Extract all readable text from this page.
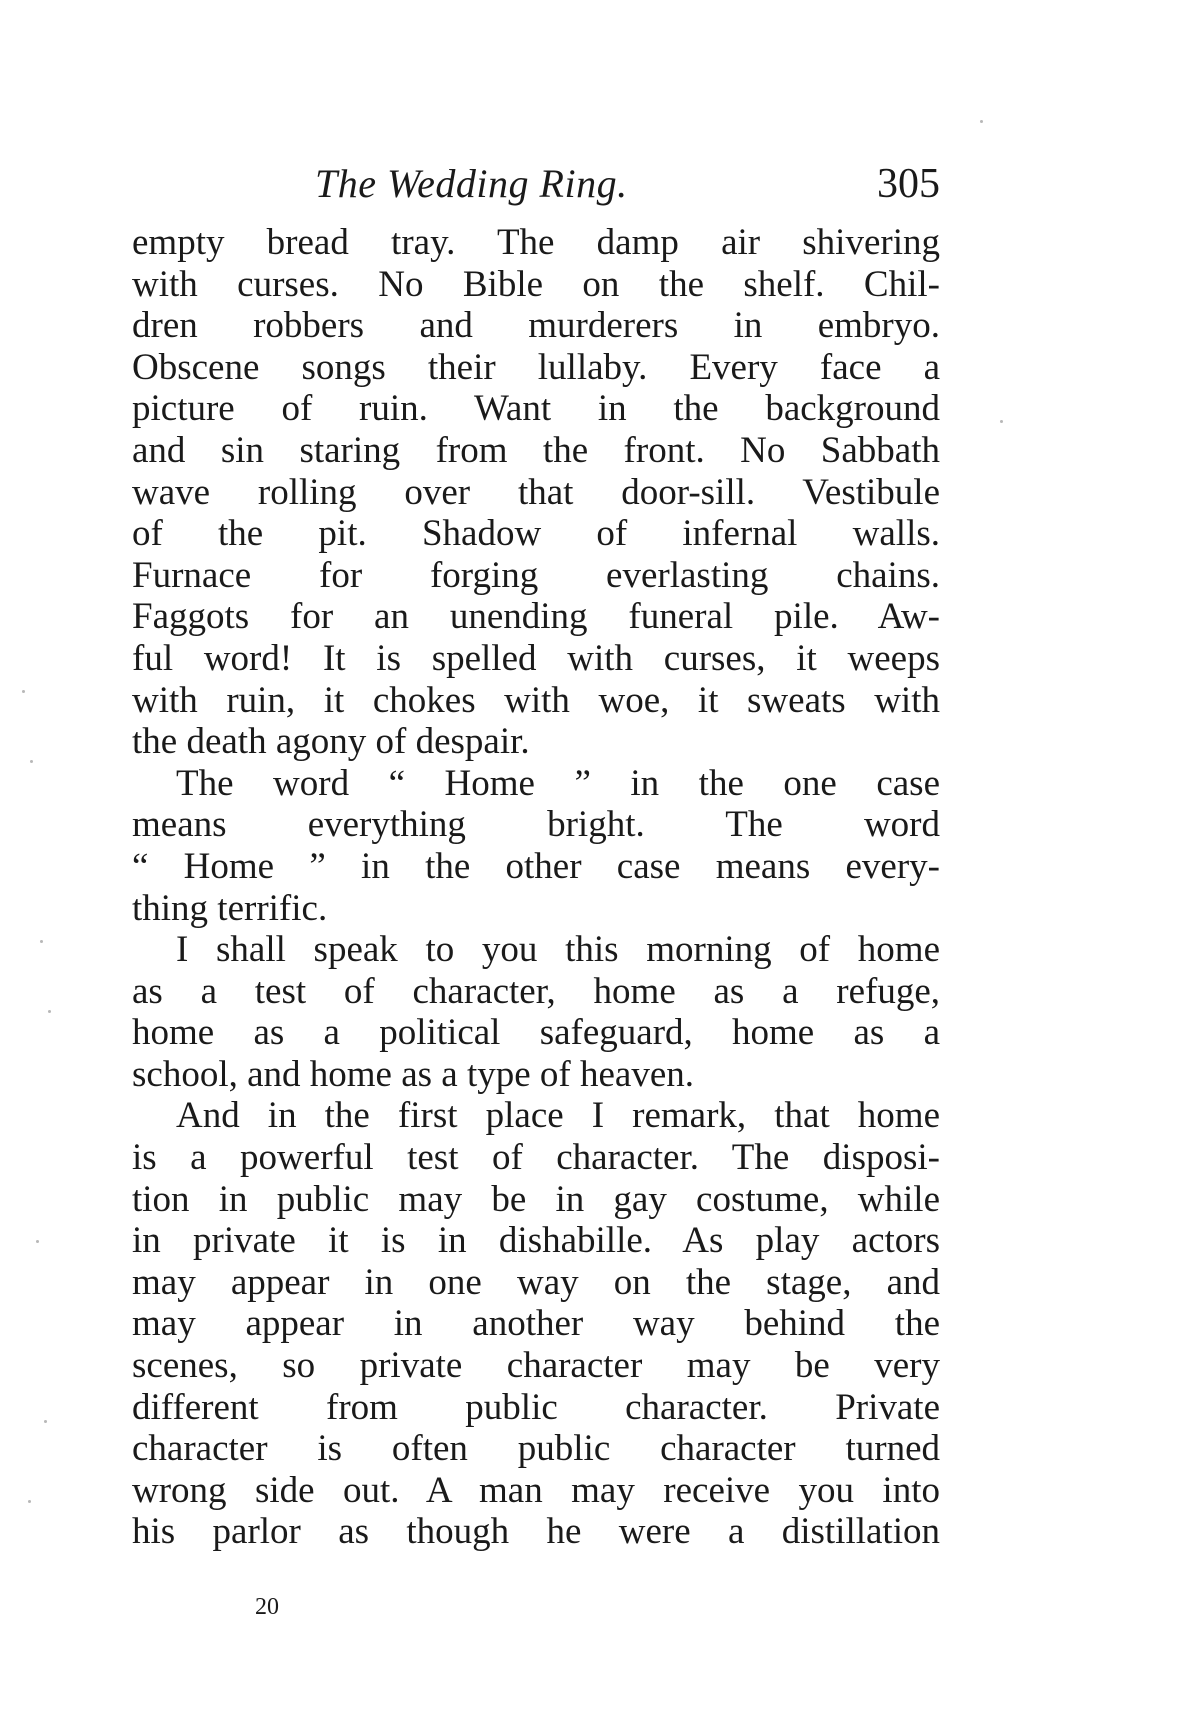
The Wedding Ring.	305
empty bread tray. The damp air shivering
with curses. No Bible on the shelf. Chil-
dren robbers and murderers in embryo.
Obscene songs their lullaby. Every face a
picture of ruin. Want in the background
and sin staring from the front. No Sabbath
wave rolling over that door-sill. Vestibule
of the pit. Shadow of infernal walls.
Furnace for forging everlasting chains.
Faggots for an unending funeral pile. Aw-
ful word! It is spelled with curses, it weeps
with ruin, it chokes with woe, it sweats with
the death agony of despair.
The word “ Home ” in the one case
means everything bright. The word
“ Home ” in the other case means every-
thing terrific.
I shall speak to you this morning of home
as a test of character, home as a refuge,
home as a political safeguard, home as a
school, and home as a type of heaven.
And in the first place I remark, that home
is a powerful test of character. The disposi-
tion in public may be in gay costume, while
in private it is in dishabille. As play actors
may appear in one way on the stage, and
may appear in another way behind the
scenes, so private character may be very
different from public character. Private
character is often public character turned
wrong side out. A man may receive you into
his parlor as though he were a distillation
20
